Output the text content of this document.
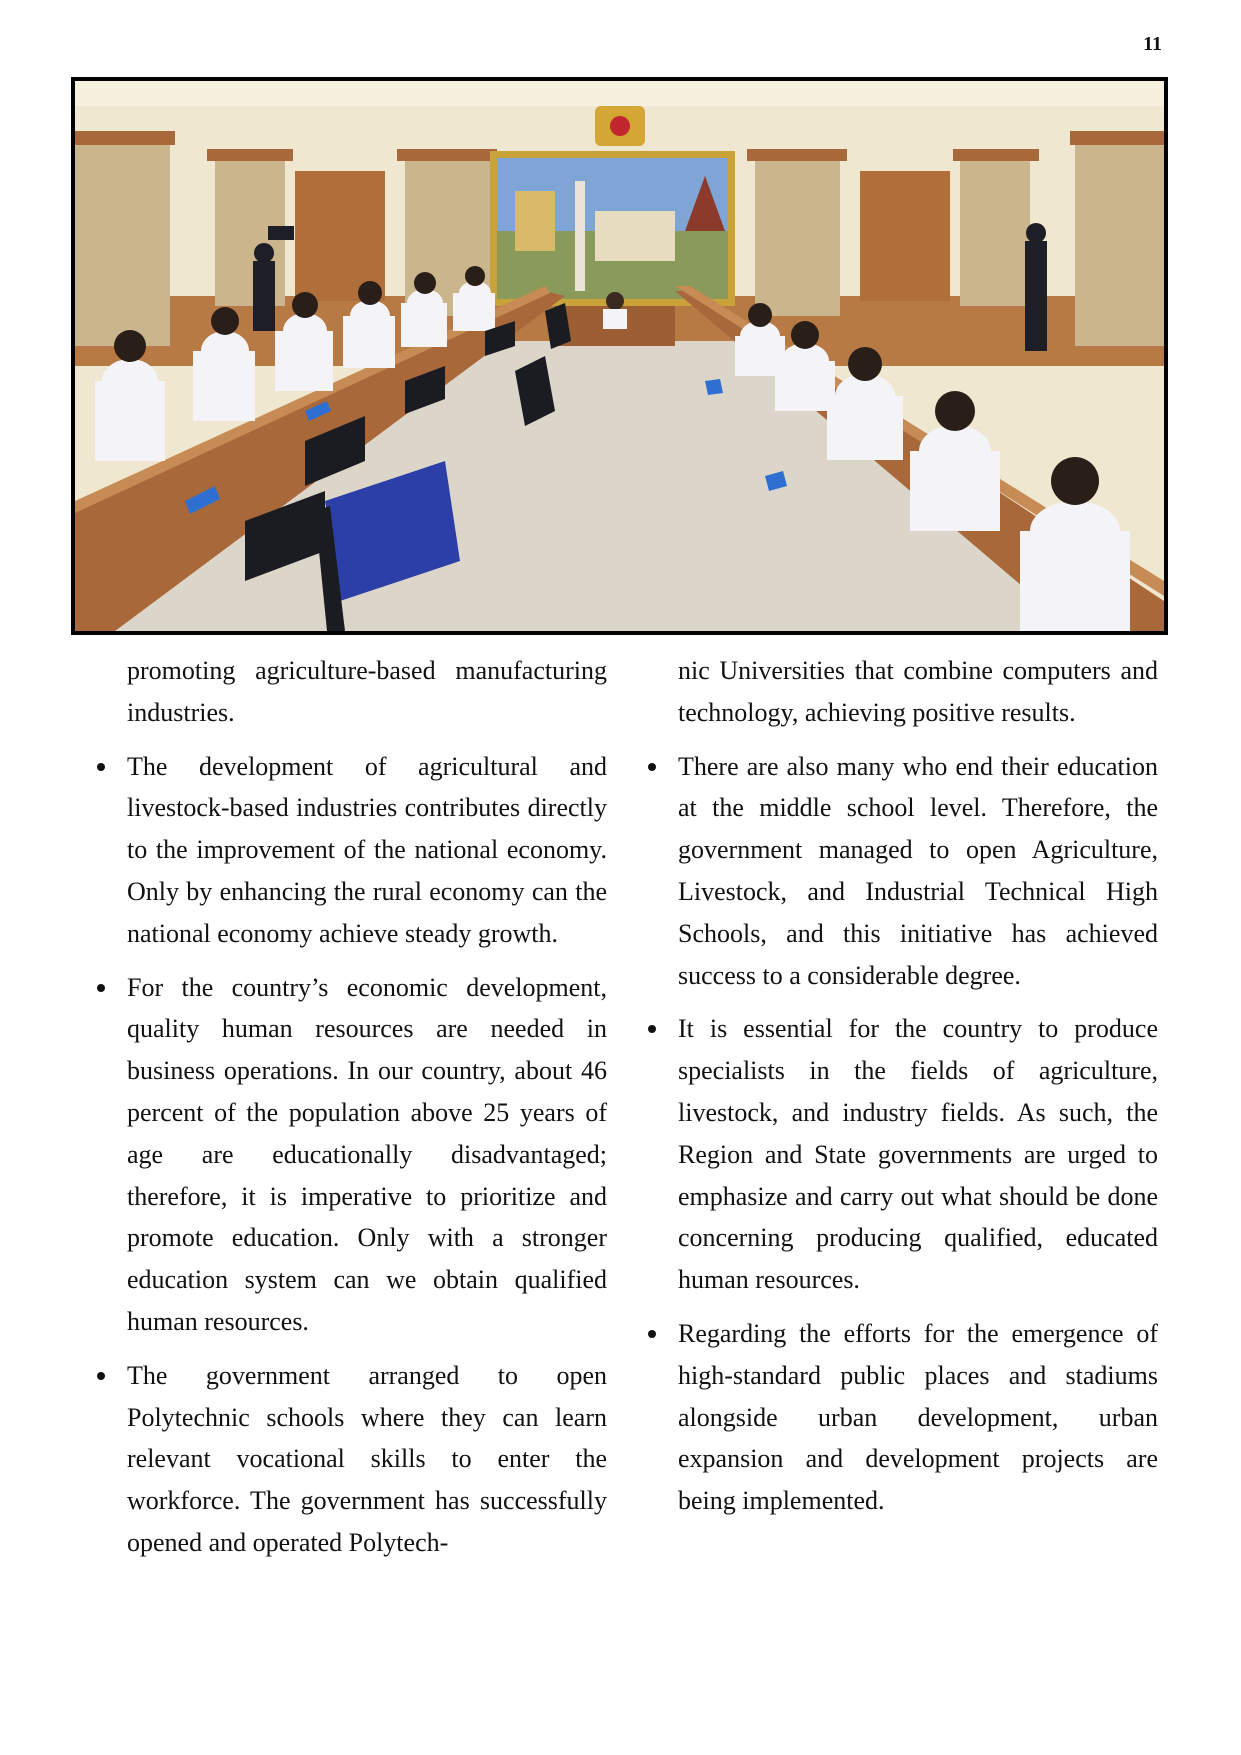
11

promoting agriculture-based manufacturing industries.

The development of agricultural and livestock-based industries contributes directly to the improvement of the national economy. Only by enhancing the rural economy can the national economy achieve steady growth.

For the country’s economic development, quality human resources are needed in business operations. In our country, about 46 percent of the population above 25 years of age are educationally disadvantaged; therefore, it is imperative to prioritize and promote education. Only with a stronger education system can we obtain qualified human resources.

The government arranged to open Polytechnic schools where they can learn relevant vocational skills to enter the workforce. The government has successfully opened and operated Polytech-

nic Universities that combine computers and technology, achieving positive results.

There are also many who end their education at the middle school level. Therefore, the government managed to open Agriculture, Livestock, and Industrial Technical High Schools, and this initiative has achieved success to a considerable degree.

It is essential for the country to produce specialists in the fields of agriculture, livestock, and industry fields. As such, the Region and State governments are urged to emphasize and carry out what should be done concerning producing qualified, educated human resources.

Regarding the efforts for the emergence of high-standard public places and stadiums alongside urban development, urban expansion and development projects are being implemented.
